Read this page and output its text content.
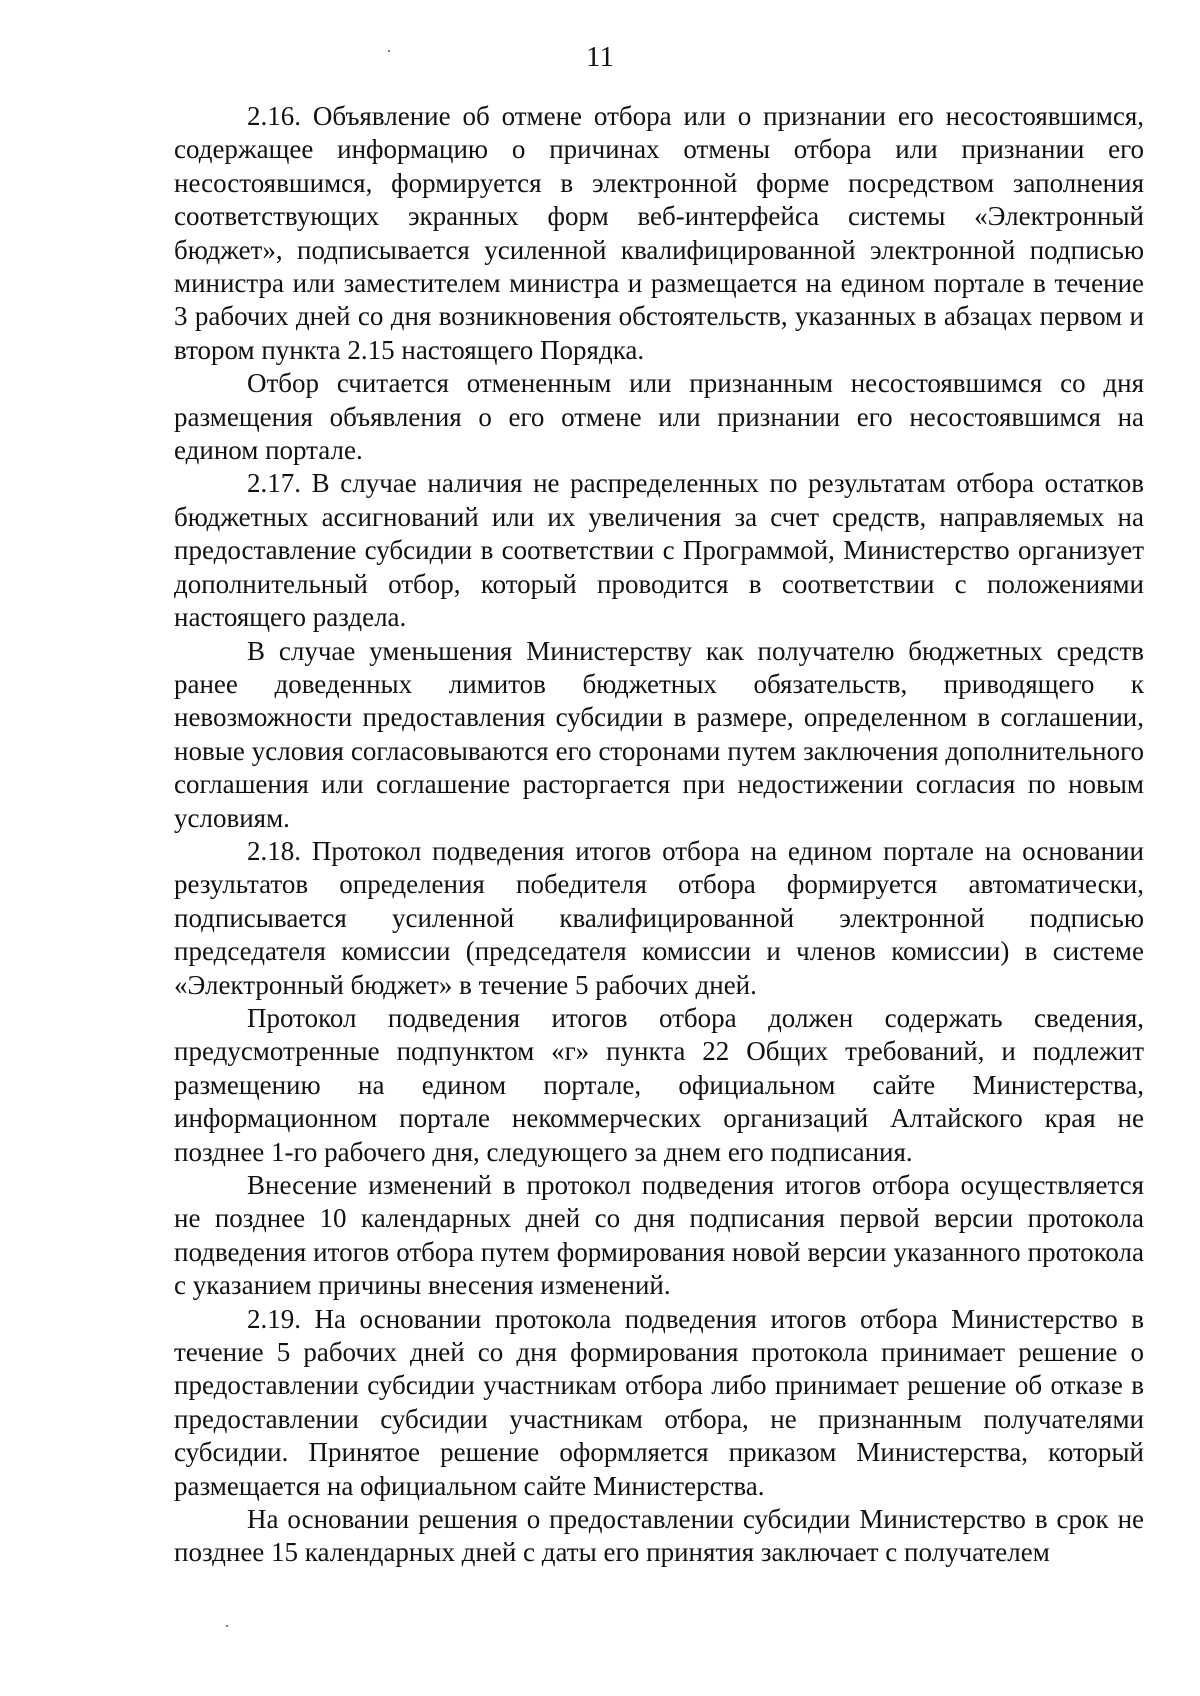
11

2.16. Объявление об отмене отбора или о признании его несостоявшимся, содержащее информацию о причинах отмены отбора или признании его несостоявшимся, формируется в электронной форме посредством заполнения соответствующих экранных форм веб-интерфейса системы «Электронный бюджет», подписывается усиленной квалифицированной электронной подписью министра или заместителем министра и размещается на едином портале в течение 3 рабочих дней со дня возникновения обстоятельств, указанных в абзацах первом и втором пункта 2.15 настоящего Порядка.

Отбор считается отмененным или признанным несостоявшимся со дня размещения объявления о его отмене или признании его несостоявшимся на едином портале.

2.17. В случае наличия не распределенных по результатам отбора остатков бюджетных ассигнований или их увеличения за счет средств, направляемых на предоставление субсидии в соответствии с Программой, Министерство организует дополнительный отбор, который проводится в соответствии с положениями настоящего раздела.

В случае уменьшения Министерству как получателю бюджетных средств ранее доведенных лимитов бюджетных обязательств, приводящего к невозможности предоставления субсидии в размере, определенном в соглашении, новые условия согласовываются его сторонами путем заключения дополнительного соглашения или соглашение расторгается при недостижении согласия по новым условиям.

2.18. Протокол подведения итогов отбора на едином портале на основании результатов определения победителя отбора формируется автоматически, подписывается усиленной квалифицированной электронной подписью председателя комиссии (председателя комиссии и членов комиссии) в системе «Электронный бюджет» в течение 5 рабочих дней.

Протокол подведения итогов отбора должен содержать сведения, предусмотренные подпунктом «г» пункта 22 Общих требований, и подлежит размещению на едином портале, официальном сайте Министерства, информационном портале некоммерческих организаций Алтайского края не позднее 1-го рабочего дня, следующего за днем его подписания.

Внесение изменений в протокол подведения итогов отбора осуществляется не позднее 10 календарных дней со дня подписания первой версии протокола подведения итогов отбора путем формирования новой версии указанного протокола с указанием причины внесения изменений.

2.19. На основании протокола подведения итогов отбора Министерство в течение 5 рабочих дней со дня формирования протокола принимает решение о предоставлении субсидии участникам отбора либо принимает решение об отказе в предоставлении субсидии участникам отбора, не признанным получателями субсидии. Принятое решение оформляется приказом Министерства, который размещается на официальном сайте Министерства.

На основании решения о предоставлении субсидии Министерство в срок не позднее 15 календарных дней с даты его принятия заключает с получателем
